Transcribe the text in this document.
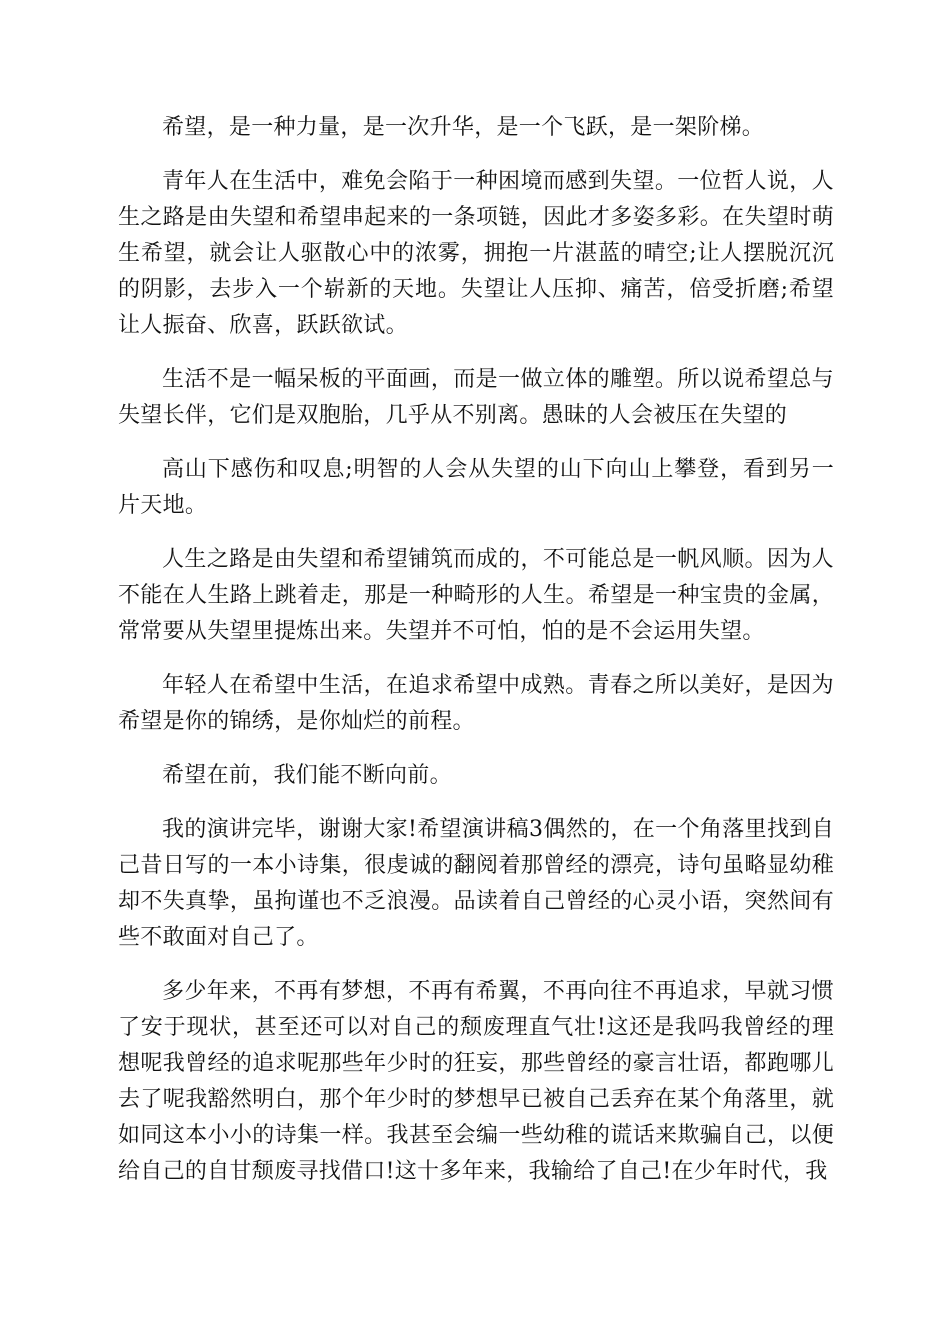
希望，是一种力量，是一次升华，是一个飞跃，是一架阶梯。

青年人在生活中，难免会陷于一种困境而感到失望。一位哲人说，人生之路是由失望和希望串起来的一条项链，因此才多姿多彩。在失望时萌生希望，就会让人驱散心中的浓雾，拥抱一片湛蓝的晴空;让人摆脱沉沉的阴影，去步入一个崭新的天地。失望让人压抑、痛苦，倍受折磨;希望让人振奋、欣喜，跃跃欲试。

生活不是一幅呆板的平面画，而是一做立体的雕塑。所以说希望总与失望长伴，它们是双胞胎，几乎从不别离。愚昧的人会被压在失望的

高山下感伤和叹息;明智的人会从失望的山下向山上攀登，看到另一片天地。

人生之路是由失望和希望铺筑而成的，不可能总是一帆风顺。因为人不能在人生路上跳着走，那是一种畸形的人生。希望是一种宝贵的金属，常常要从失望里提炼出来。失望并不可怕，怕的是不会运用失望。

年轻人在希望中生活，在追求希望中成熟。青春之所以美好，是因为希望是你的锦绣，是你灿烂的前程。

希望在前，我们能不断向前。

我的演讲完毕，谢谢大家!希望演讲稿3偶然的，在一个角落里找到自己昔日写的一本小诗集，很虔诚的翻阅着那曾经的漂亮，诗句虽略显幼稚却不失真挚，虽拘谨也不乏浪漫。品读着自己曾经的心灵小语，突然间有些不敢面对自己了。

多少年来，不再有梦想，不再有希翼，不再向往不再追求，早就习惯了安于现状，甚至还可以对自己的颓废理直气壮!这还是我吗我曾经的理想呢我曾经的追求呢那些年少时的狂妄，那些曾经的豪言壮语，都跑哪儿去了呢我豁然明白，那个年少时的梦想早已被自己丢弃在某个角落里，就如同这本小小的诗集一样。我甚至会编一些幼稚的谎话来欺骗自己，以便给自己的自甘颓废寻找借口!这十多年来，我输给了自己!在少年时代，我
